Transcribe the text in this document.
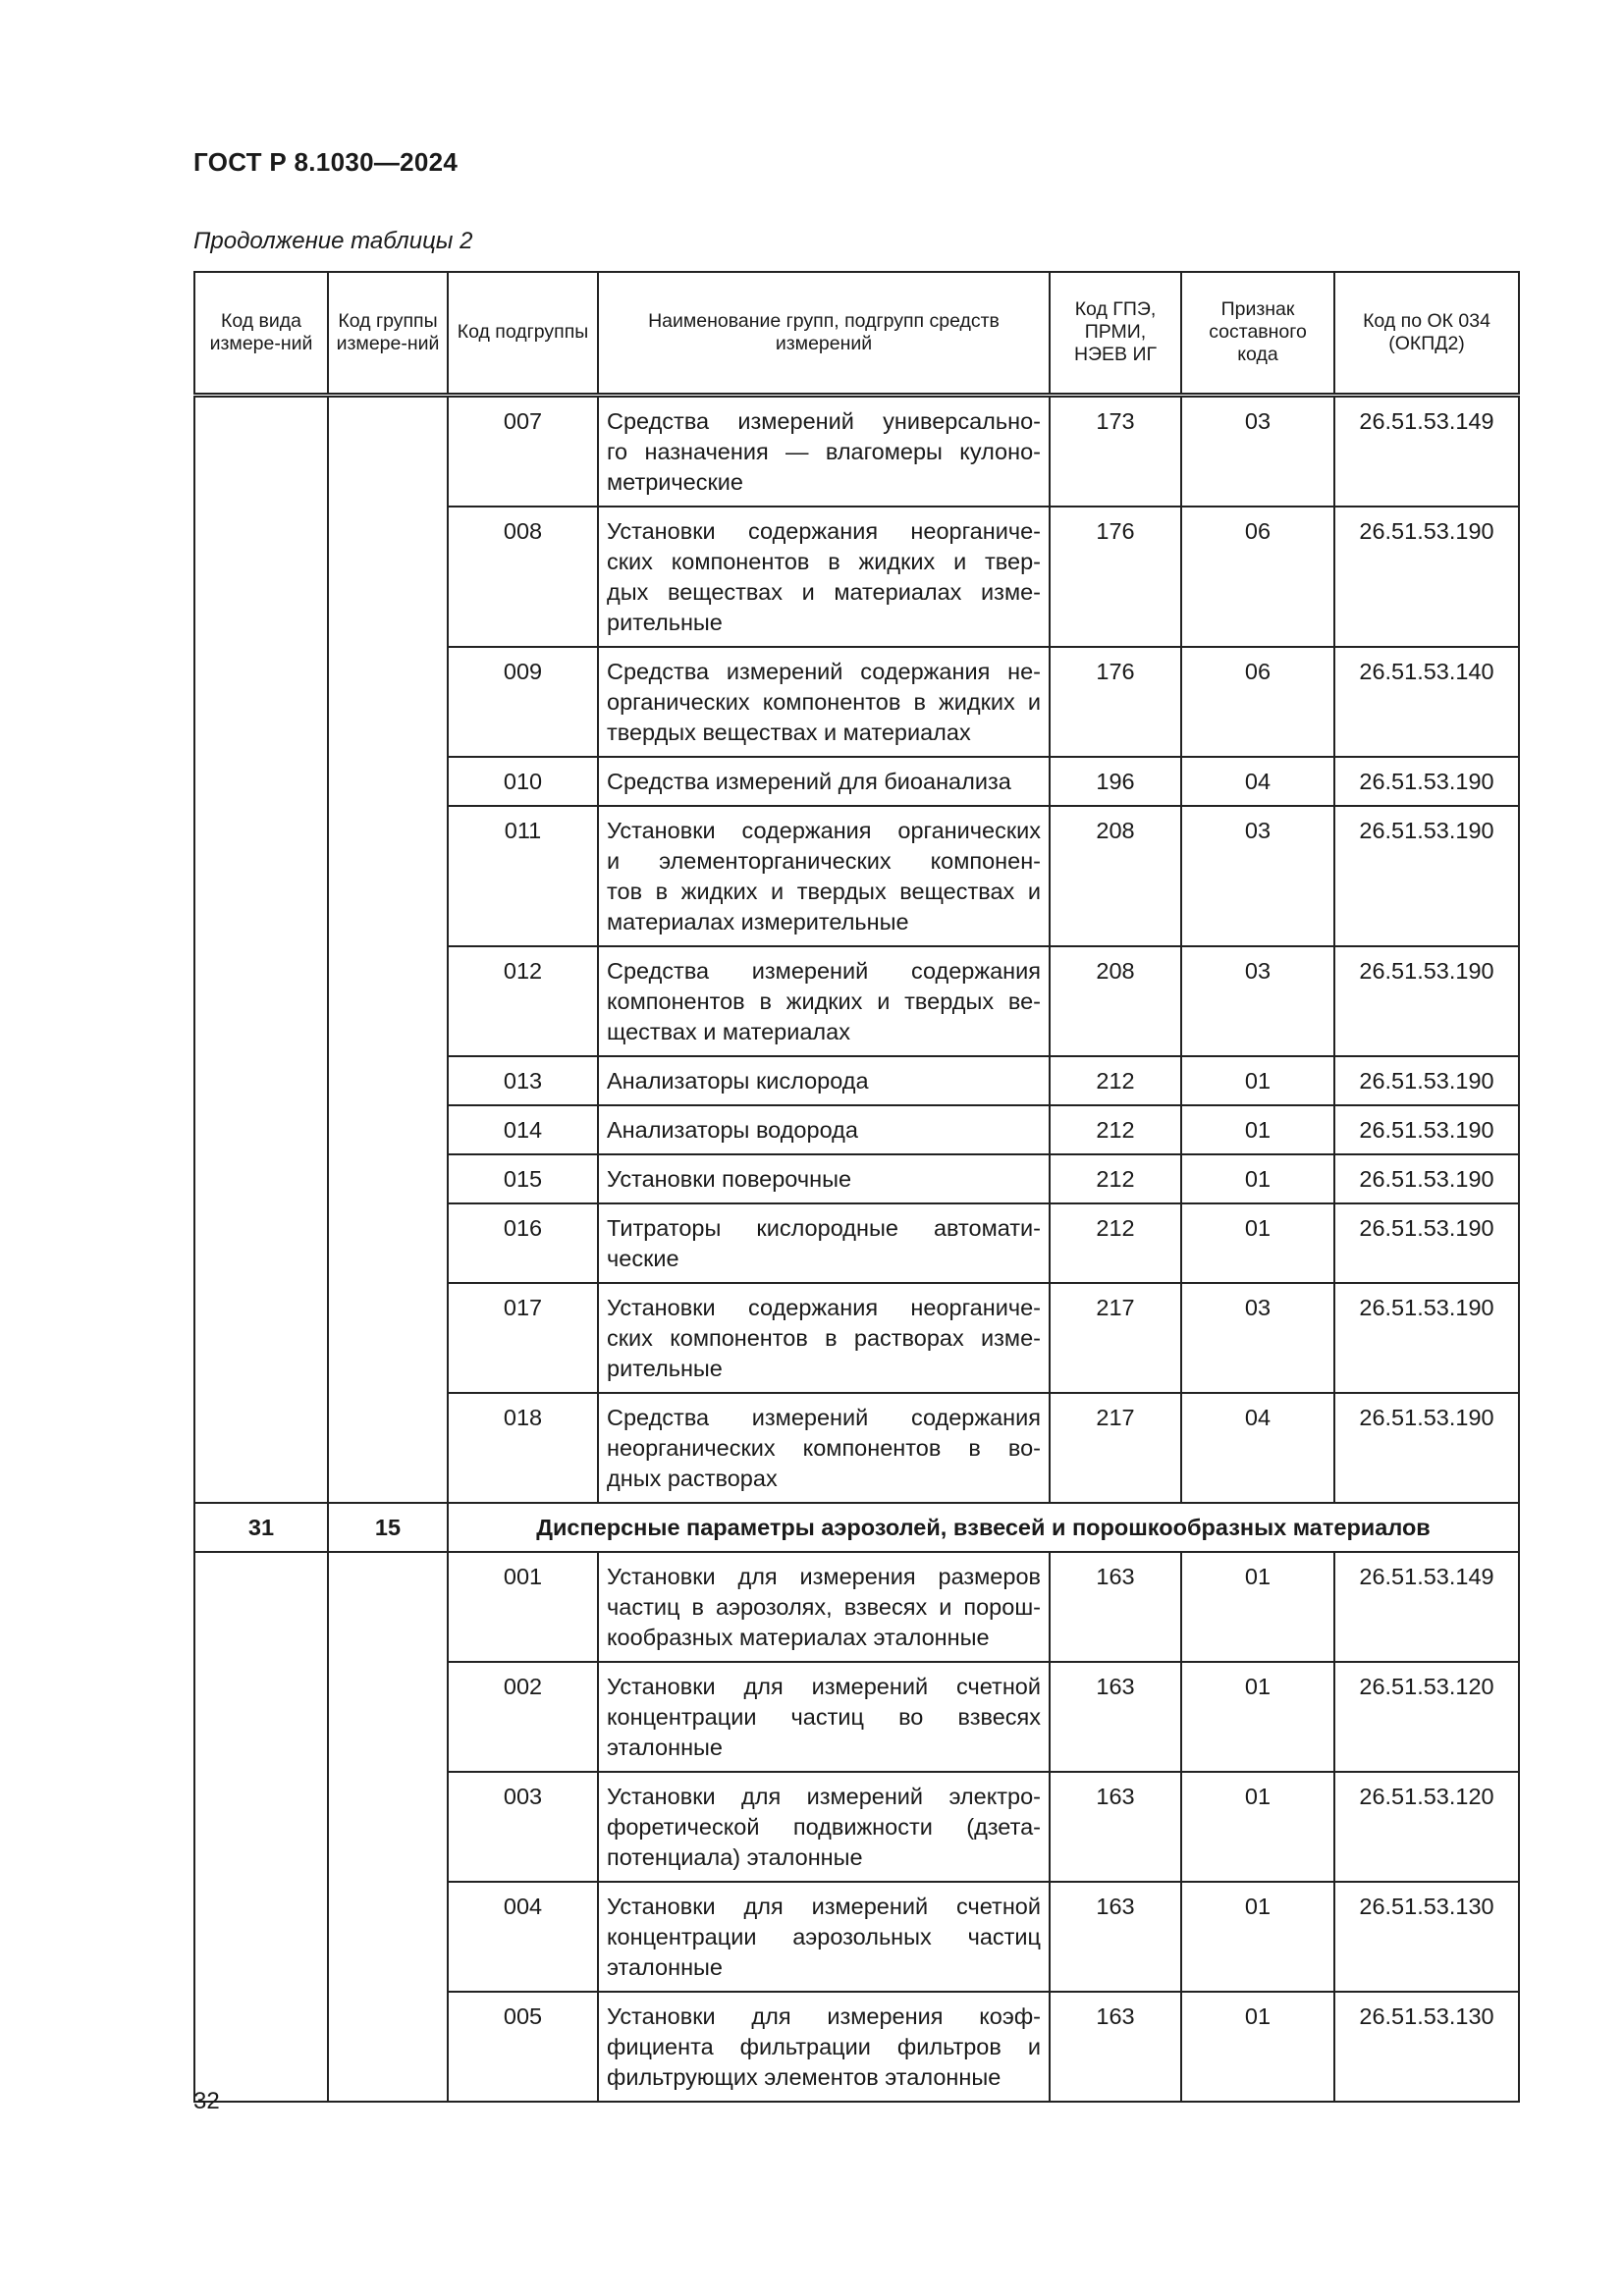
ГОСТ Р 8.1030—2024
Продолжение таблицы 2
Код вида измере-ний	Код группы измере-ний	Код подгруппы	Наименование групп, подгрупп средств измерений	Код ГПЭ, ПРМИ, НЭЕВ ИГ	Признак составного кода	Код по ОК 034 (ОКПД2)
		007	Средства измерений универсально-
го назначения — влагомеры кулоно-
метрические	173	03	26.51.53.149
		008	Установки содержания неорганиче-
ских компонентов в жидких и твер-
дых веществах и материалах изме-
рительные	176	06	26.51.53.190
		009	Средства измерений содержания не-
органических компонентов в жидких и
твердых веществах и материалах	176	06	26.51.53.140
		010	Средства измерений для биоанализа	196	04	26.51.53.190
		011	Установки содержания органических
и элементорганических компонен-
тов в жидких и твердых веществах и
материалах измерительные	208	03	26.51.53.190
		012	Средства измерений содержания
компонентов в жидких и твердых ве-
ществах и материалах	208	03	26.51.53.190
		013	Анализаторы кислорода	212	01	26.51.53.190
		014	Анализаторы водорода	212	01	26.51.53.190
		015	Установки поверочные	212	01	26.51.53.190
		016	Титраторы кислородные автомати-
ческие	212	01	26.51.53.190
		017	Установки содержания неорганиче-
ских компонентов в растворах изме-
рительные	217	03	26.51.53.190
		018	Средства измерений содержания
неорганических компонентов в во-
дных растворах	217	04	26.51.53.190
31	15	Дисперсные параметры аэрозолей, взвесей и порошкообразных материалов				
		001	Установки для измерения размеров
частиц в аэрозолях, взвесях и порош-
кообразных материалах эталонные	163	01	26.51.53.149
		002	Установки для измерений счетной
концентрации частиц во взвесях
эталонные	163	01	26.51.53.120
		003	Установки для измерений электро-
форетической подвижности (дзета-
потенциала) эталонные	163	01	26.51.53.120
		004	Установки для измерений счетной
концентрации аэрозольных частиц
эталонные	163	01	26.51.53.130
		005	Установки для измерения коэф-
фициента фильтрации фильтров и
фильтрующих элементов эталонные	163	01	26.51.53.130
32
